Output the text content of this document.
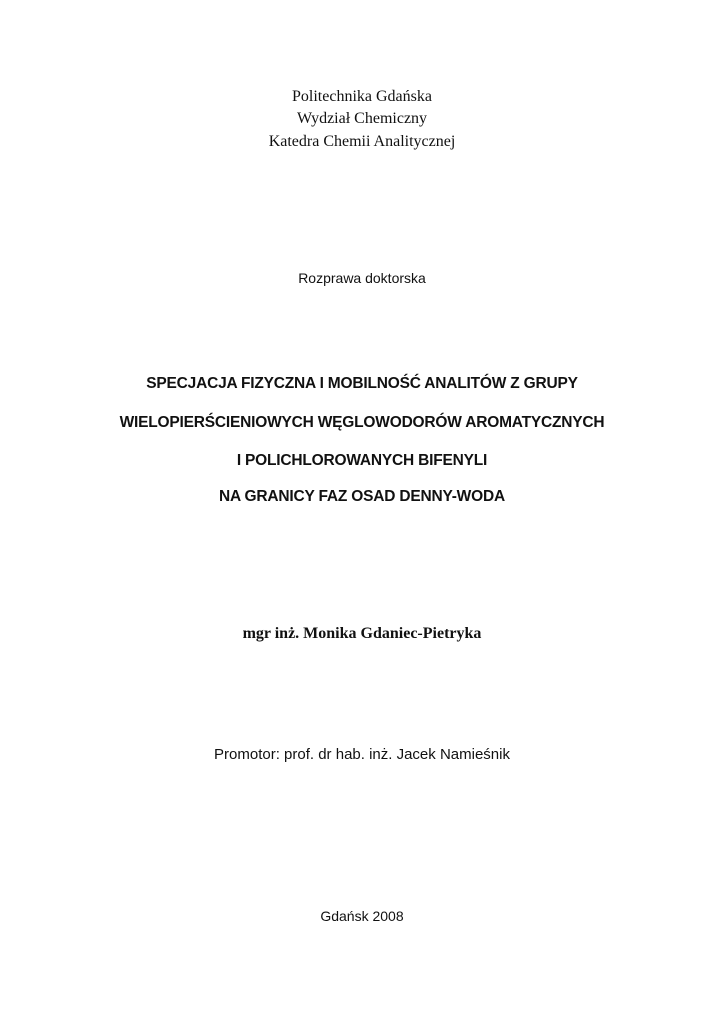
Politechnika Gdańska
Wydział Chemiczny
Katedra Chemii Analitycznej
Rozprawa doktorska
SPECJACJA FIZYCZNA I MOBILNOŚĆ ANALITÓW Z GRUPY
WIELOPIERŚCIENIOWYCH WĘGLOWODORÓW AROMATYCZNYCH
I POLICHLOROWANYCH BIFENYLI
NA GRANICY FAZ OSAD DENNY-WODA
mgr inż. Monika Gdaniec-Pietryka
Promotor: prof. dr hab. inż. Jacek Namieśnik
Gdańsk 2008
